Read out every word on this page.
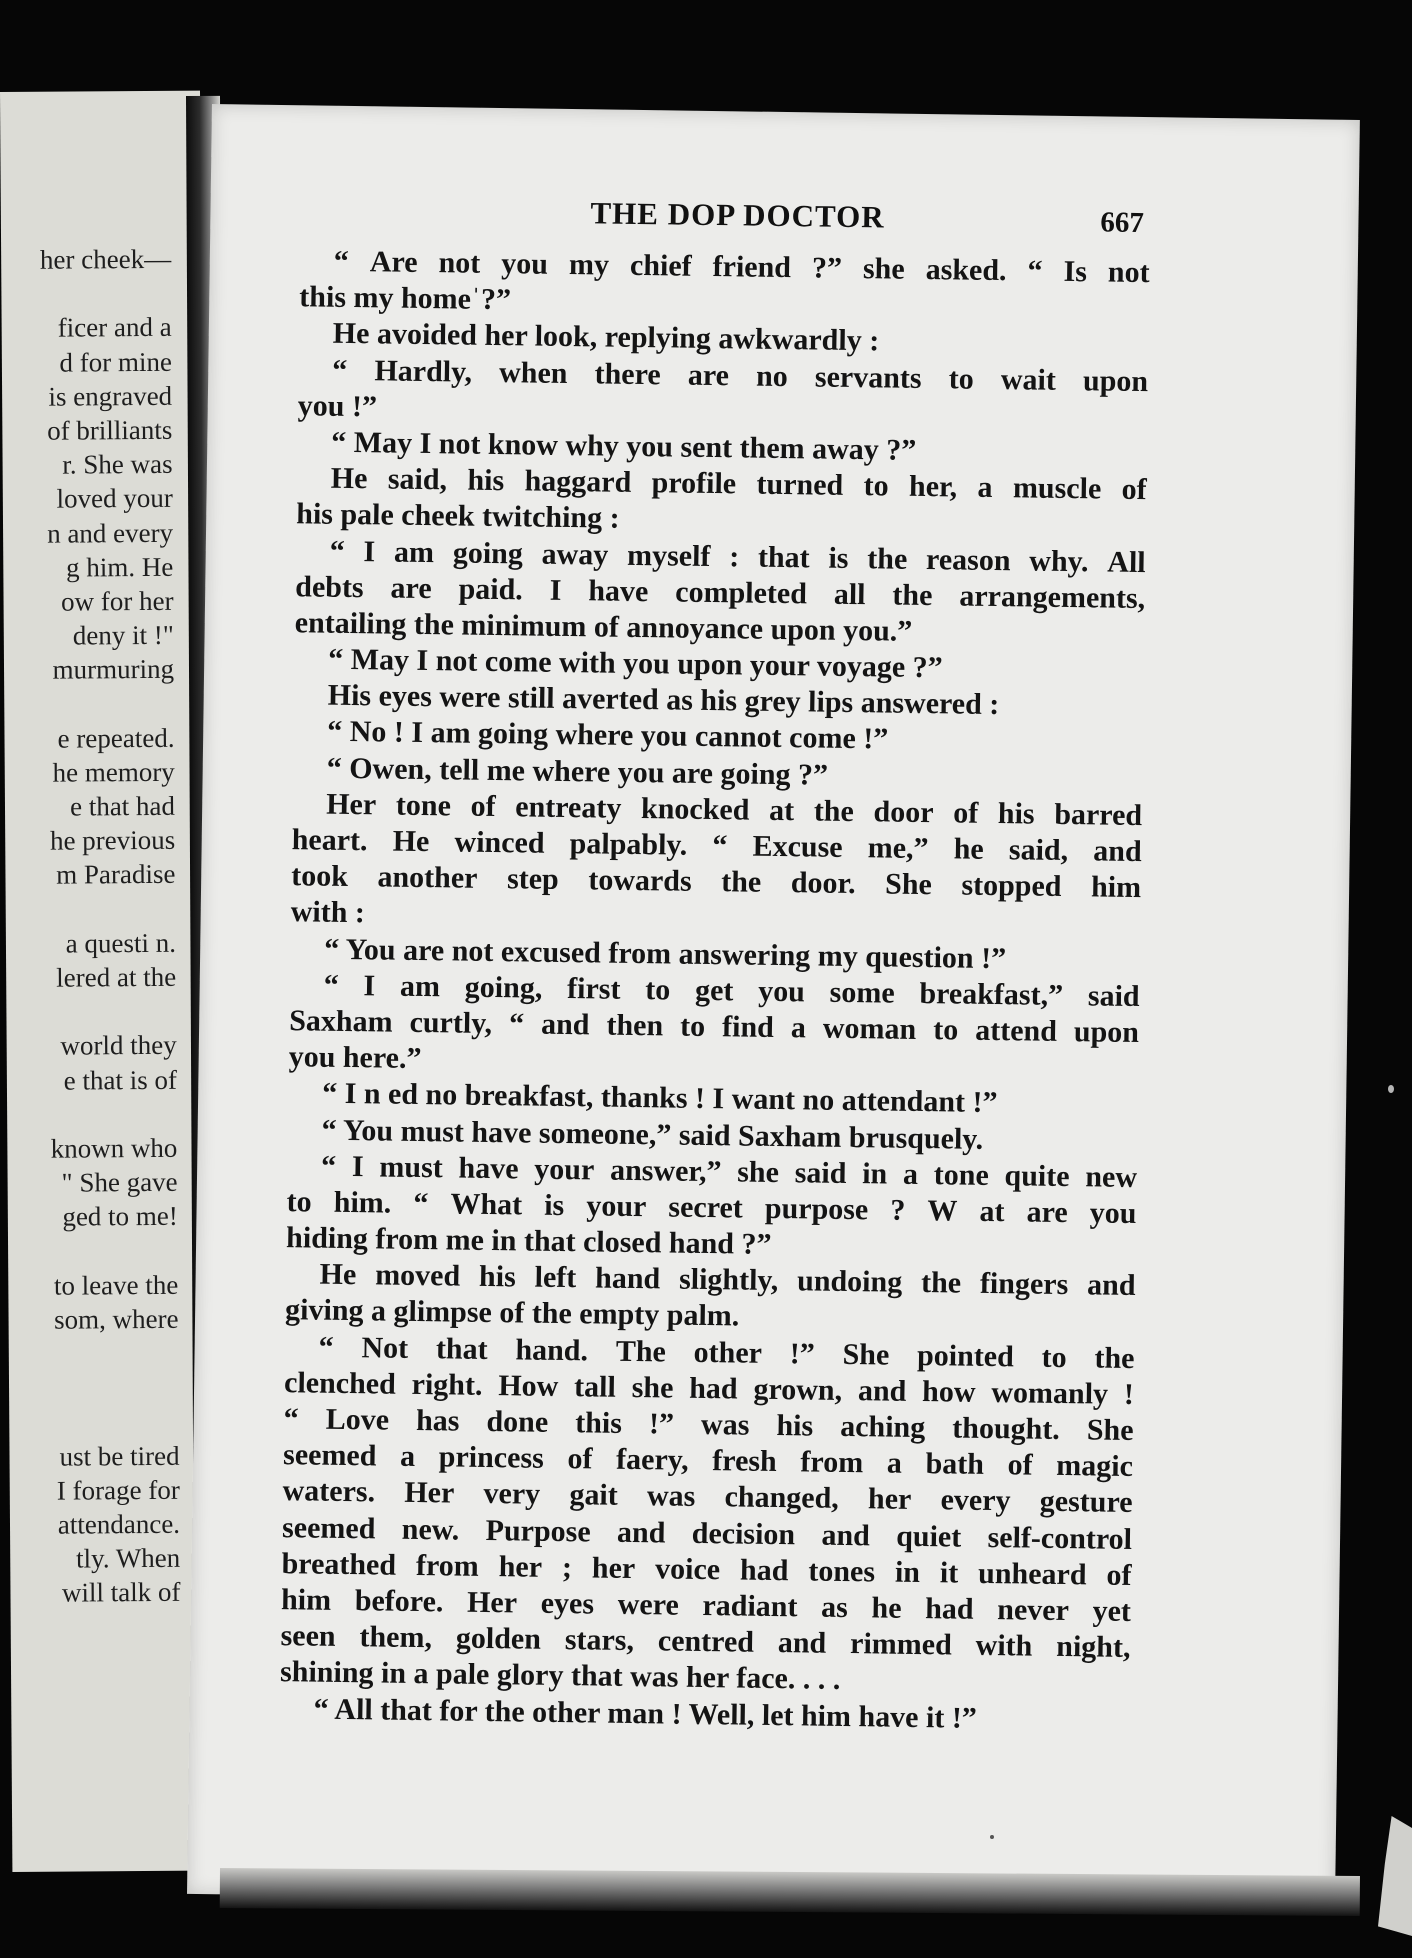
her cheek—
ficer and a
d for mine
is engraved
of brilliants
r. She was
loved your
n and every
g him. He
ow for her
deny it !"
murmuring
e repeated.
he memory
e that had
he previous
m Paradise
a questi n.
lered at the
world they
e that is of
known who
" She gave
ged to me!
to leave the
som, where
ust be tired
I forage for
attendance.
tly. When
will talk of
THE DOP DOCTOR	667
“ Are not you my chief friend ?” she asked. “ Is not
this my homeˈ?”
He avoided her look, replying awkwardly :
“ Hardly, when there are no servants to wait upon
you !”
“ May I not know why you sent them away ?”
He said, his haggard profile turned to her, a muscle of
his pale cheek twitching :
“ I am going away myself : that is the reason why. All
debts are paid. I have completed all the arrangements,
entailing the minimum of annoyance upon you.”
“ May I not come with you upon your voyage ?”
His eyes were still averted as his grey lips answered :
“ No ! I am going where you cannot come !”
“ Owen, tell me where you are going ?”
Her tone of entreaty knocked at the door of his barred
heart. He winced palpably. “ Excuse me,” he said, and
took another step towards the door. She stopped him
with :
“ You are not excused from answering my question !”
“ I am going, first to get you some breakfast,” said
Saxham curtly, “ and then to find a woman to attend upon
you here.”
“ I n ed no breakfast, thanks ! I want no attendant !”
“ You must have someone,” said Saxham brusquely.
“ I must have your answer,” she said in a tone quite new
to him. “ What is your secret purpose ? W at are you
hiding from me in that closed hand ?”
He moved his left hand slightly, undoing the fingers and
giving a glimpse of the empty palm.
“ Not that hand. The other !” She pointed to the
clenched right. How tall she had grown, and how womanly !
“ Love has done this !” was his aching thought. She
seemed a princess of faery, fresh from a bath of magic
waters. Her very gait was changed, her every gesture
seemed new. Purpose and decision and quiet self-control
breathed from her ; her voice had tones in it unheard of
him before. Her eyes were radiant as he had never yet
seen them, golden stars, centred and rimmed with night,
shining in a pale glory that was her face. . . .
“ All that for the other man ! Well, let him have it !”
